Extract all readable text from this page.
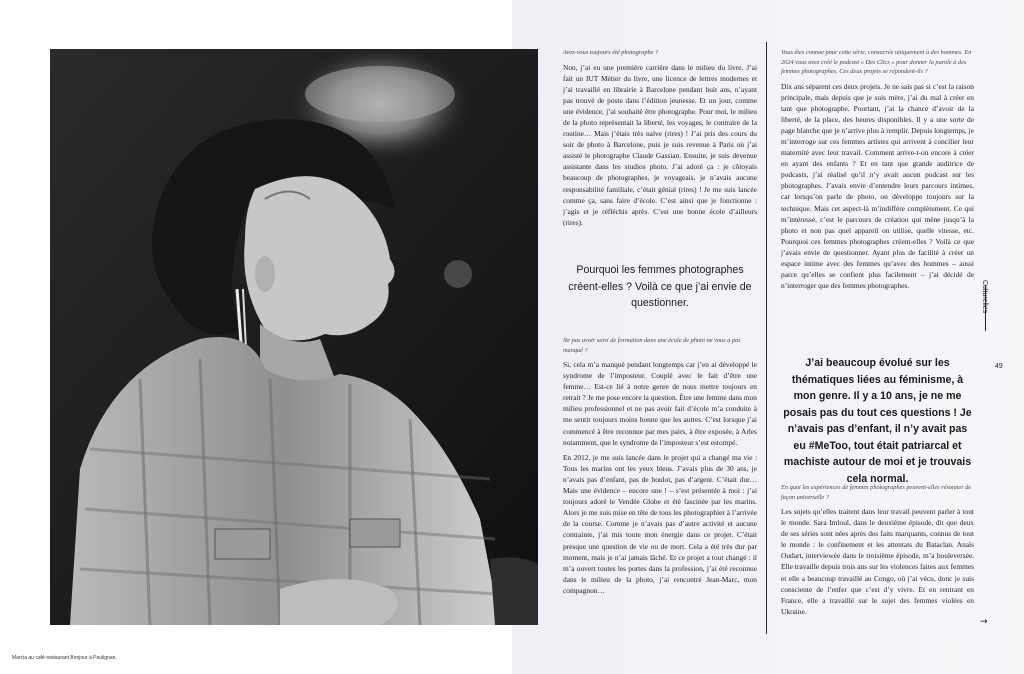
Marcia au café-restaurant Bonjour à Poulignan.

Avez-vous toujours été photographe ?

Non, j’ai eu une première carrière dans le milieu du livre. J’ai fait un IUT Métier du livre, une licence de lettres modernes et j’ai travaillé en librairie à Barcelone pendant huit ans, n’ayant pas trouvé de poste dans l’édition jeunesse. Et un jour, comme une évidence, j’ai souhaité être photographe. Pour moi, le milieu de la photo représentait la liberté, les voyages, le contraire de la routine… Mais j’étais très naïve (rires) ! J’ai pris des cours du soir de photo à Barcelone, puis je suis revenue à Paris où j’ai assisté le photographe Claude Gassian. Ensuite, je suis devenue assistante dans les studios photo. J’ai adoré ça : je côtoyais beaucoup de photographes, je voyageais, je n’avais aucune responsabilité familiale, c’était génial (rires) ! Je me suis lancée comme ça, sans faire d’école. C’est ainsi que je fonctionne : j’agis et je réfléchis après. C’est une bonne école d’ailleurs (rires).

Pourquoi les femmes photographes créent-elles ? Voilà ce que j’ai envie de questionner.

Ne pas avoir suivi de formation dans une école de photo ne vous a pas manqué ?

Si, cela m’a manqué pendant longtemps car j’en ai développé le syndrome de l’imposteur. Couplé avec le fait d’être une femme… Est-ce lié à notre genre de nous mettre toujours en retrait ? Je me pose encore la question. Être une femme dans mon milieu professionnel et ne pas avoir fait d’école m’a conduite à me sentir toujours moins bonne que les autres. C’est lorsque j’ai commencé à être reconnue par mes pairs, à être exposée, à Arles notamment, que le syndrome de l’imposteur s’est estompé.

En 2012, je me suis lancée dans le projet qui a changé ma vie : Tous les marins ont les yeux bleus. J’avais plus de 30 ans, je n’avais pas d’enfant, pas de boulot, pas d’argent. C’était dur… Mais une évidence – encore une ! – s’est présentée à moi : j’ai toujours adoré le Vendée Globe et été fascinée par les marins. Alors je me suis mise en tête de tous les photographier à l’arrivée de la course. Comme je n’avais pas d’autre activité et aucune contrainte, j’ai mis toute mon énergie dans ce projet. C’était presque une question de vie ou de mort. Cela a été très dur par moment, mais je n’ai jamais lâché. Et ce projet a tout changé : il m’a ouvert toutes les portes dans la profession, j’ai été reconnue dans le milieu de la photo, j’ai rencontré Jean-Marc, mon compagnon…

Vous êtes connue pour cette série, consacrée uniquement à des hommes. En 2024 vous avez créé le podcast « Des Clics » pour donner la parole à des femmes photographes. Ces deux projets se répondent-ils ?

Dix ans séparent ces deux projets. Je ne sais pas si c’est la raison principale, mais depuis que je suis mère, j’ai du mal à créer en tant que photographe. Pourtant, j’ai la chance d’avoir de la liberté, de la place, des heures disponibles. Il y a une sorte de page blanche que je n’arrive plus à remplir. Depuis longtemps, je m’interroge sur ces femmes artistes qui arrivent à concilier leur maternité avec leur travail. Comment arrive-t-on encore à créer en ayant des enfants ? Et en tant que grande auditrice de podcasts, j’ai réalisé qu’il n’y avait aucun podcast sur les photographes. J’avais envie d’entendre leurs parcours intimes, car lorsqu’on parle de photo, on développe toujours sur la technique. Mais cet aspect-là m’indiffère complètement. Ce qui m’intéresse, c’est le parcours de création qui mène jusqu’à la photo et non pas quel appareil on utilise, quelle vitesse, etc. Pourquoi ces femmes photographes créent-elles ? Voilà ce que j’avais envie de questionner. Ayant plus de facilité à créer un espace intime avec des femmes qu’avec des hommes – aussi parce qu’elles se confient plus facilement – j’ai décidé de n’interroger que des femmes photographes.

J’ai beaucoup évolué sur les thématiques liées au féminisme, à mon genre. Il y a 10 ans, je ne me posais pas du tout ces questions ! Je n’avais pas d’enfant, il n’y avait pas eu #MeToo, tout était patriarcal et machiste autour de moi et je trouvais cela normal.

En quoi les expériences de femmes photographes peuvent-elles résonner de façon universelle ?

Les sujets qu’elles traitent dans leur travail peuvent parler à tout le monde. Sara Imloul, dans le deuxième épisode, dit que deux de ses séries sont nées après des faits marquants, connus de tout le monde : le confinement et les attentats du Bataclan. Anaïs Oudart, interviewée dans le troisième épisode, m’a bouleversée. Elle travaille depuis trois ans sur les violences faites aux femmes et elle a beaucoup travaillé au Congo, où j’ai vécu, donc je suis consciente de l’enfer que c’est d’y vivre. Et en rentrant en France, elle a travaillé sur le sujet des femmes violées en Ukraine.

Culturelles
49
→
